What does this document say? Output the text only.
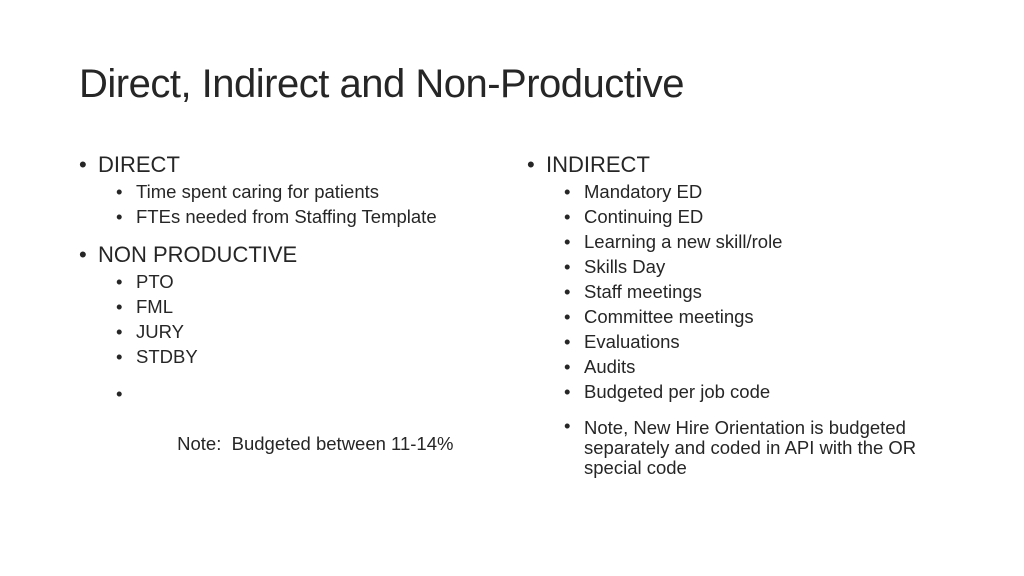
Direct, Indirect and Non-Productive
• DIRECT
• Time spent caring for patients
• FTEs needed from Staffing Template
• NON PRODUCTIVE
• PTO
• FML
• JURY
• STDBY

•

Note:  Budgeted between 11-14%

• INDIRECT
• Mandatory ED
• Continuing ED
• Learning a new skill/role
• Skills Day
• Staff meetings
• Committee meetings
• Evaluations
• Audits
• Budgeted per job code
• Note, New Hire Orientation is budgeted separately and coded in API with the OR special code
